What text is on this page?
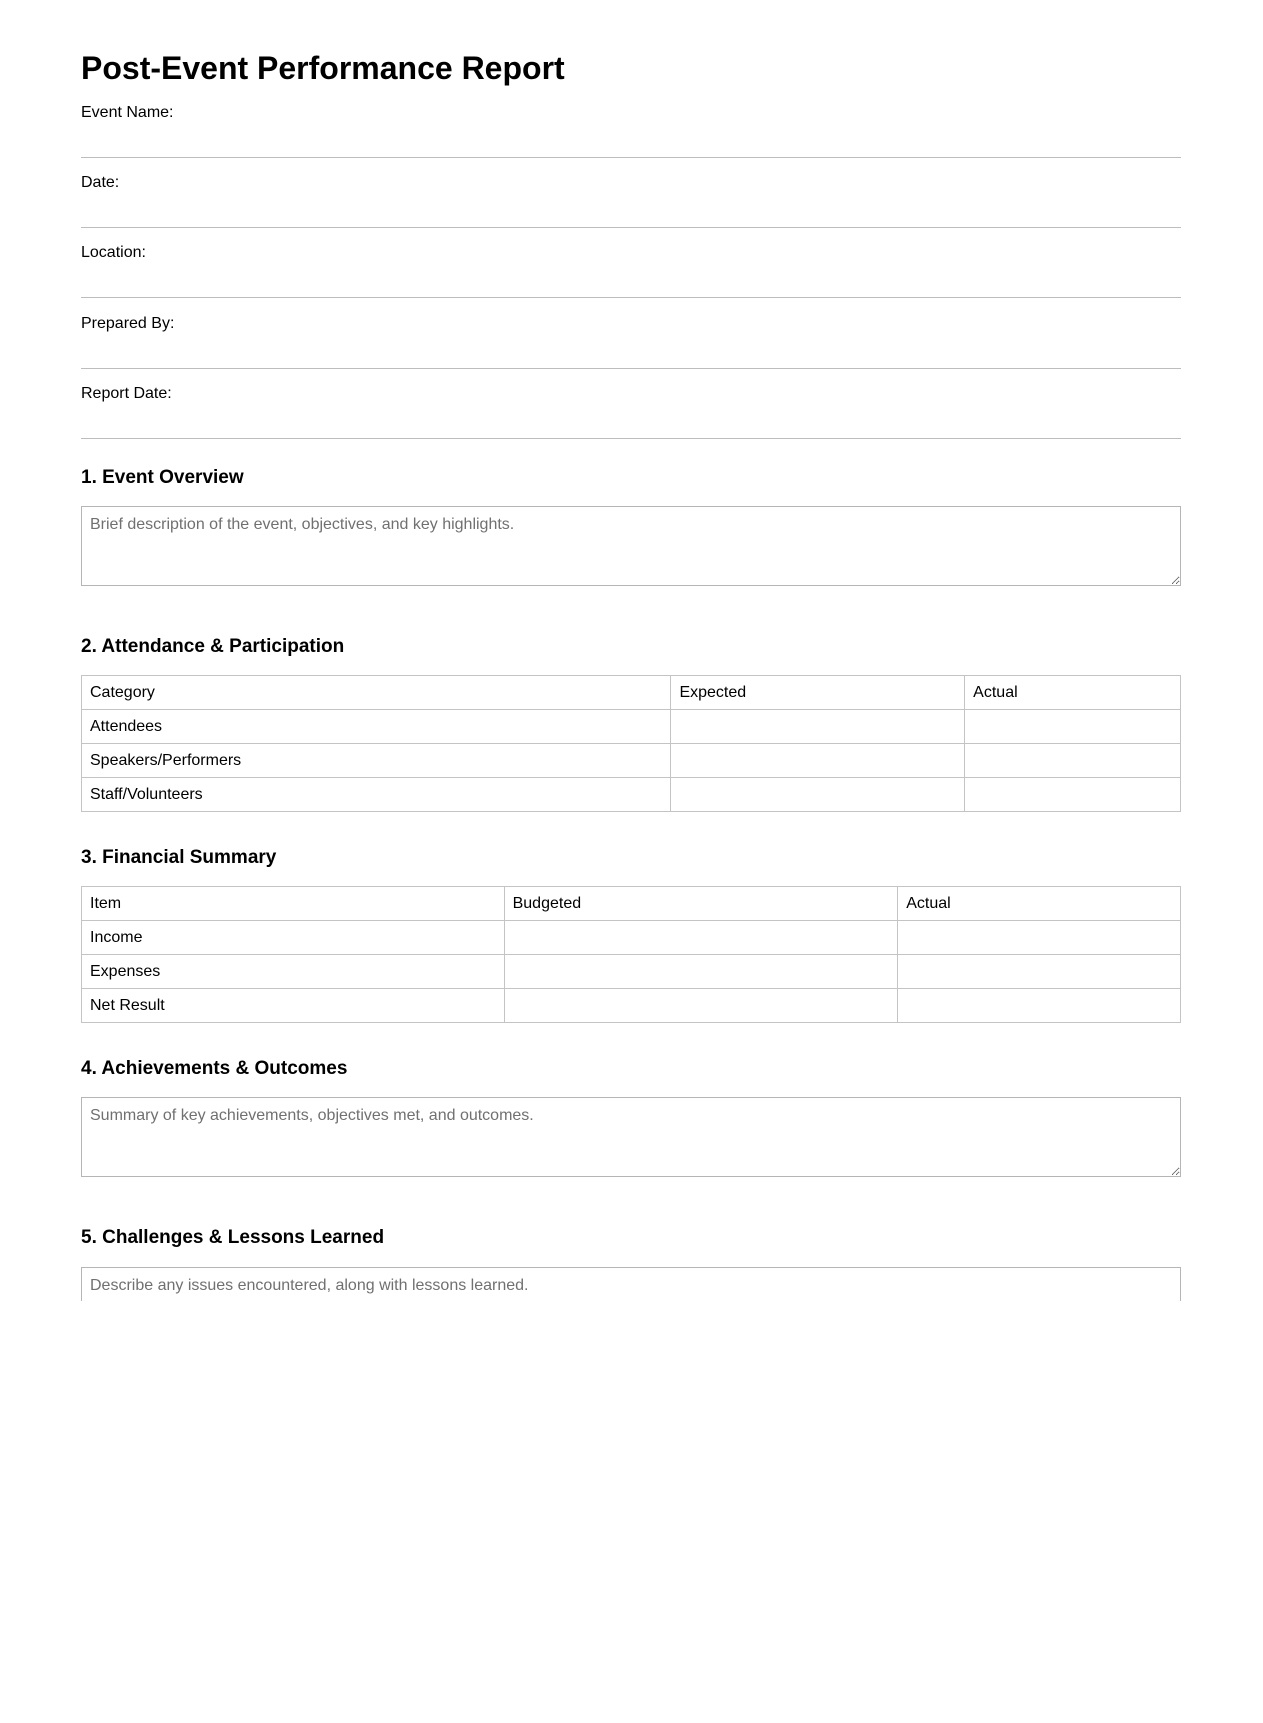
Post-Event Performance Report
Event Name:
Date:
Location:
Prepared By:
Report Date:
1. Event Overview
Brief description of the event, objectives, and key highlights.
2. Attendance & Participation
Category	Expected	Actual
Attendees		
Speakers/Performers		
Staff/Volunteers		
3. Financial Summary
Item	Budgeted	Actual
Income		
Expenses		
Net Result		
4. Achievements & Outcomes
Summary of key achievements, objectives met, and outcomes.
5. Challenges & Lessons Learned
Describe any issues encountered, along with lessons learned.
